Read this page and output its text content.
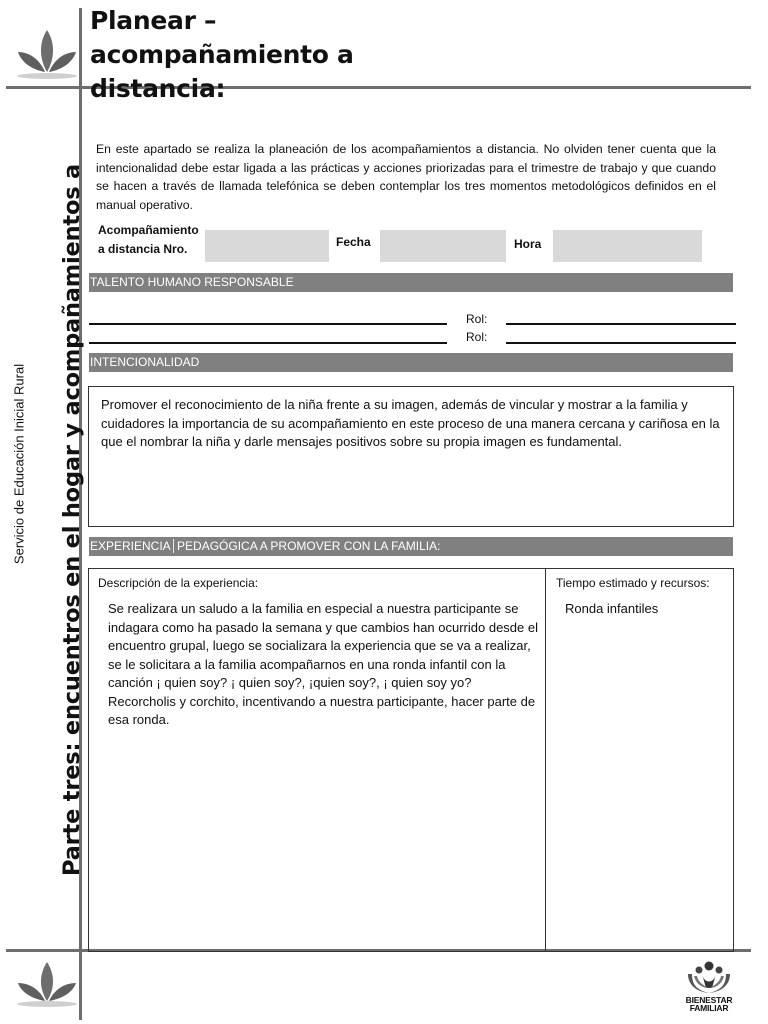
Planear – acompañamiento a distancia:
Parte tres: encuentros en el hogar y acompañamientos a
Servicio de Educación Inicial Rural
En este apartado se realiza la planeación de los acompañamientos a distancia. No olviden tener cuenta que la intencionalidad debe estar ligada a las prácticas y acciones priorizadas para el trimestre de trabajo y que cuando se hacen a través de llamada telefónica se deben contemplar los tres momentos metodológicos definidos en el manual operativo.
Acompañamiento
a distancia Nro.	Fecha	Hora
TALENTO HUMANO RESPONSABLE
Rol:
Rol:
INTENCIONALIDAD
Promover el reconocimiento de la niña frente a su imagen, además de vincular y mostrar a la familia y cuidadores la importancia de su acompañamiento en este proceso de una manera cercana y cariñosa en la que el nombrar la niña y darle mensajes positivos sobre su propia imagen es fundamental.
EXPERIENCIA PEDAGÓGICA A PROMOVER CON LA FAMILIA:
Descripción de la experiencia:
Se realizara un saludo a la familia en especial a nuestra participante se indagara como ha pasado la semana y que cambios han ocurrido desde el encuentro grupal, luego se socializara la experiencia que se va a realizar, se le solicitara a la familia acompañarnos en una ronda infantil con la canción ¡ quien soy? ¡ quien soy?, ¡quien soy?, ¡ quien soy yo? Recorcholis y corchito, incentivando a nuestra participante, hacer parte de esa ronda.
Tiempo estimado y recursos:
Ronda infantiles
BIENESTAR
FAMILIAR
